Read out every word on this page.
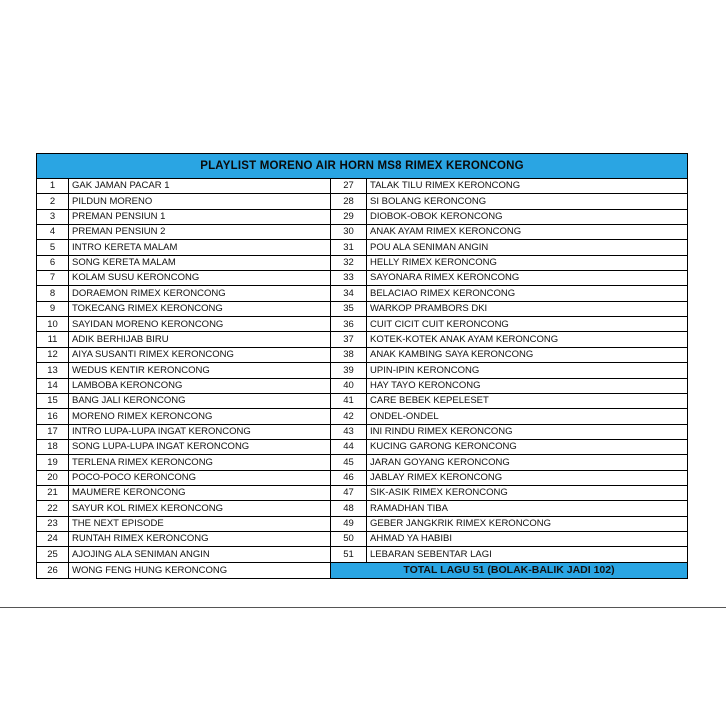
PLAYLIST MORENO AIR HORN MS8 RIMEX KERONCONG
1	GAK JAMAN PACAR 1	27	TALAK TILU RIMEX KERONCONG
2	PILDUN MORENO	28	SI BOLANG KERONCONG
3	PREMAN PENSIUN 1	29	DIOBOK-OBOK KERONCONG
4	PREMAN PENSIUN 2	30	ANAK AYAM RIMEX KERONCONG
5	INTRO KERETA MALAM	31	POU ALA SENIMAN ANGIN
6	SONG KERETA MALAM	32	HELLY RIMEX KERONCONG
7	KOLAM SUSU KERONCONG	33	SAYONARA RIMEX KERONCONG
8	DORAEMON RIMEX KERONCONG	34	BELACIAO RIMEX KERONCONG
9	TOKECANG RIMEX KERONCONG	35	WARKOP PRAMBORS DKI
10	SAYIDAN MORENO KERONCONG	36	CUIT CICIT CUIT KERONCONG
11	ADIK BERHIJAB BIRU	37	KOTEK-KOTEK ANAK AYAM KERONCONG
12	AIYA SUSANTI RIMEX KERONCONG	38	ANAK KAMBING SAYA KERONCONG
13	WEDUS KENTIR KERONCONG	39	UPIN-IPIN KERONCONG
14	LAMBOBA KERONCONG	40	HAY TAYO KERONCONG
15	BANG JALI KERONCONG	41	CARE BEBEK KEPELESET
16	MORENO RIMEX KERONCONG	42	ONDEL-ONDEL
17	INTRO LUPA-LUPA INGAT KERONCONG	43	INI RINDU RIMEX KERONCONG
18	SONG LUPA-LUPA INGAT KERONCONG	44	KUCING GARONG KERONCONG
19	TERLENA RIMEX KERONCONG	45	JARAN GOYANG KERONCONG
20	POCO-POCO KERONCONG	46	JABLAY RIMEX KERONCONG
21	MAUMERE KERONCONG	47	SIK-ASIK RIMEX KERONCONG
22	SAYUR KOL RIMEX KERONCONG	48	RAMADHAN TIBA
23	THE NEXT EPISODE	49	GEBER JANGKRIK RIMEX KERONCONG
24	RUNTAH RIMEX KERONCONG	50	AHMAD YA HABIBI
25	AJOJING ALA SENIMAN ANGIN	51	LEBARAN SEBENTAR LAGI
26	WONG FENG HUNG KERONCONG	TOTAL LAGU 51 (BOLAK-BALIK JADI 102)
